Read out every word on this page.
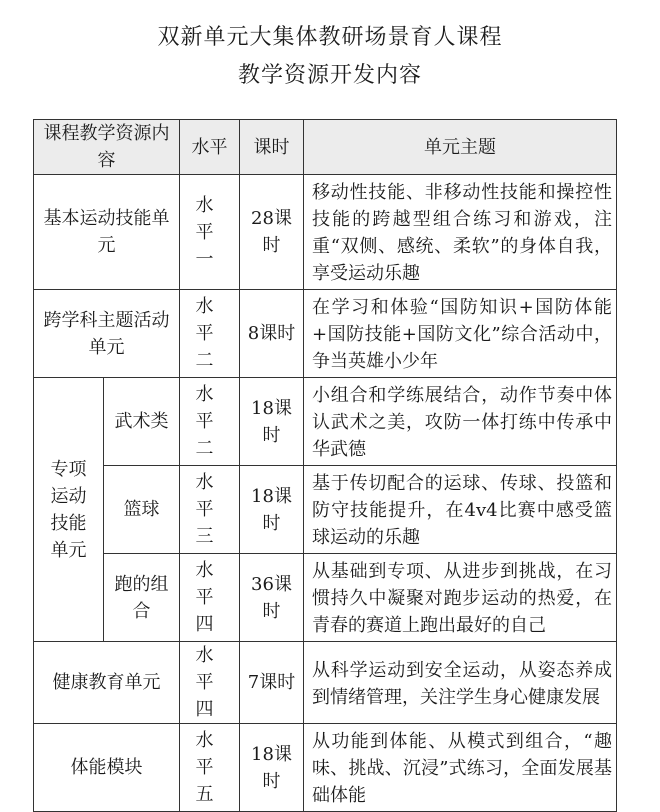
双新单元大集体教研场景育人课程
教学资源开发内容
课程教学资源内容		水平	课时	单元主题
基本运动技能单元		水平一	28课时	移动性技能、非移动性技能和操控性技能的跨越型组合练习和游戏，注重“双侧、感统、柔软”的身体自我，享受运动乐趣
跨学科主题活动单元		水平二	8课时	在学习和体验“国防知识+国防体能+国防技能+国防文化”综合活动中，争当英雄小少年
专项运动技能单元	武术类	水平二	18课时	小组合和学练展结合，动作节奏中体认武术之美，攻防一体打练中传承中华武德
	篮球	水平三	18课时	基于传切配合的运球、传球、投篮和防守技能提升，在4v4比赛中感受篮球运动的乐趣
	跑的组合	水平四	36课时	从基础到专项、从进步到挑战，在习惯持久中凝聚对跑步运动的热爱，在青春的赛道上跑出最好的自己
健康教育单元		水平四	7课时	从科学运动到安全运动，从姿态养成到情绪管理，关注学生身心健康发展
体能模块		水平五	18课时	从功能到体能、从模式到组合，“趣味、挑战、沉浸”式练习，全面发展基础体能
